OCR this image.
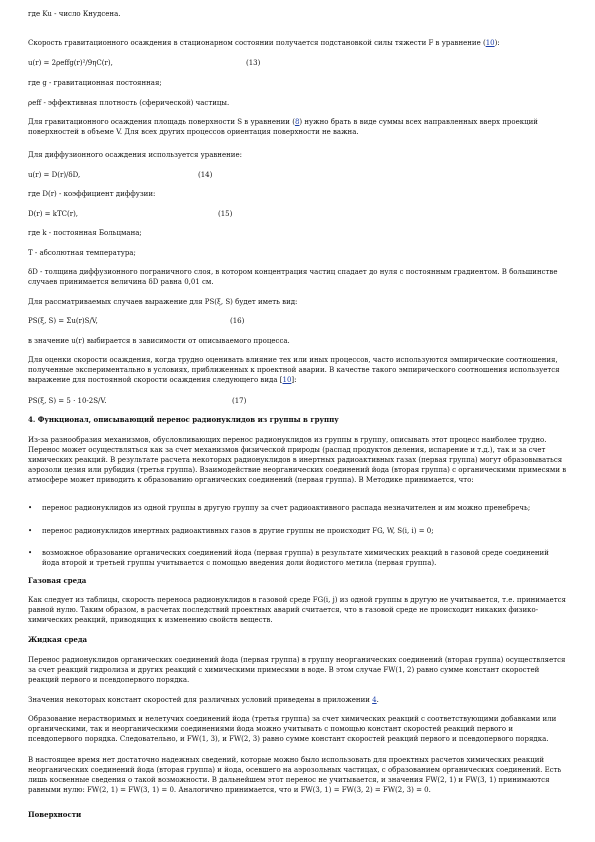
где Ku - число Кнудсена.

Скорость гравитационного осаждения в стационарном состоянии получается подстановкой силы тяжести F в уравнение (10):

u(r) = 2ρeffg(r)²/9ηC(r),	(13)

где g - гравитационная постоянная;

ρeff - эффективная плотность (сферической) частицы.

Для гравитационного осаждения площадь поверхности S в уравнении (8) нужно брать в виде суммы всех направленных вверх проекций поверхностей в объеме V. Для всех других процессов ориентация поверхности не важна.

Для диффузионного осаждения используется уравнение:

u(r) = D(r)/δD,	(14)

где D(r) - коэффициент диффузии:

D(r) = kTC(r),	(15)

где k - постоянная Больцмана;

T - абсолютная температура;

δD - толщина диффузионного пограничного слоя, в котором концентрация частиц спадает до нуля с постоянным градиентом. В большинстве случаев принимается величина δD равна 0,01 см.

Для рассматриваемых случаев выражение для PS(ξ, S) будет иметь вид:

PS(ξ, S) = Σu(r)S/V,	(16)

в значение u(r) выбирается в зависимости от описываемого процесса.

Для оценки скорости осаждения, когда трудно оценивать влияние тех или иных процессов, часто используются эмпирические соотношения, полученные экспериментально в условиях, приближенных к проектной аварии. В качестве такого эмпирического соотношения используется выражение для постоянной скорости осаждения следующего вида [10]:

PS(ξ, S) = 5 · 10-2S/V.	(17)

4. Функционал, описывающий перенос радионуклидов из группы в группу

Из-за разнообразия механизмов, обусловливающих перенос радионуклидов из группы в группу, описывать этот процесс наиболее трудно. Перенос может осуществляться как за счет механизмов физической природы (распад продуктов деления, испарение и т.д.), так и за счет химических реакций. В результате расчета некоторых радионуклидов в инертных радиоактивных газах (первая группа) могут образовываться аэрозоли цезия или рубидия (третья группа). Взаимодействие неорганических соединений йода (вторая группа) с органическими примесями в атмосфере может приводить к образованию органических соединений (первая группа). В Методике принимается, что:

• перенос радионуклидов из одной группы в другую группу за счет радиоактивного распада незначителен и им можно пренебречь;
• перенос радионуклидов инертных радиоактивных газов в другие группы не происходит FG, W, S(i, i) = 0;
• возможное образование органических соединений йода (первая группа) в результате химических реакций в газовой среде соединений йода второй и третьей группы учитывается с помощью введения доли йодистого метила (первая группа).

Газовая среда

Как следует из таблицы, скорость переноса радионуклидов в газовой среде FG(i, j) из одной группы в другую не учитывается, т.е. принимается равной нулю. Таким образом, в расчетах последствий проектных аварий считается, что в газовой среде не происходит никаких физико-химических реакций, приводящих к изменению свойств веществ.

Жидкая среда

Перенос радионуклидов органических соединений йода (первая группа) в группу неорганических соединений (вторая группа) осуществляется за счет реакций гидролиза и других реакций с химическими примесями в воде. В этом случае FW(1, 2) равно сумме констант скоростей реакций первого и псевдопервого порядка.

Значения некоторых констант скоростей для различных условий приведены в приложении 4.

Образование нерастворимых и нелетучих соединений йода (третья группа) за счет химических реакций с соответствующими добавками или органическими, так и неорганическими соединениями йода можно учитывать с помощью констант скоростей реакций первого и псевдопервого порядка. Следовательно, и FW(1, 3), и FW(2, 3) равно сумме констант скоростей реакций первого и псевдопервого порядка.

В настоящее время нет достаточно надежных сведений, которые можно было использовать для проектных расчетов химических реакций неорганических соединений йода (вторая группа) и йода, осевшего на аэрозольных частицах, с образованием органических соединений. Есть лишь косвенные сведения о такой возможности. В дальнейшем этот перенос не учитывается, и значения FW(2, 1) и FW(3, 1) принимаются равными нулю: FW(2, 1) = FW(3, 1) = 0. Аналогично принимается, что и FW(3, 1) = FW(3, 2) = FW(2, 3) = 0.

Поверхности
